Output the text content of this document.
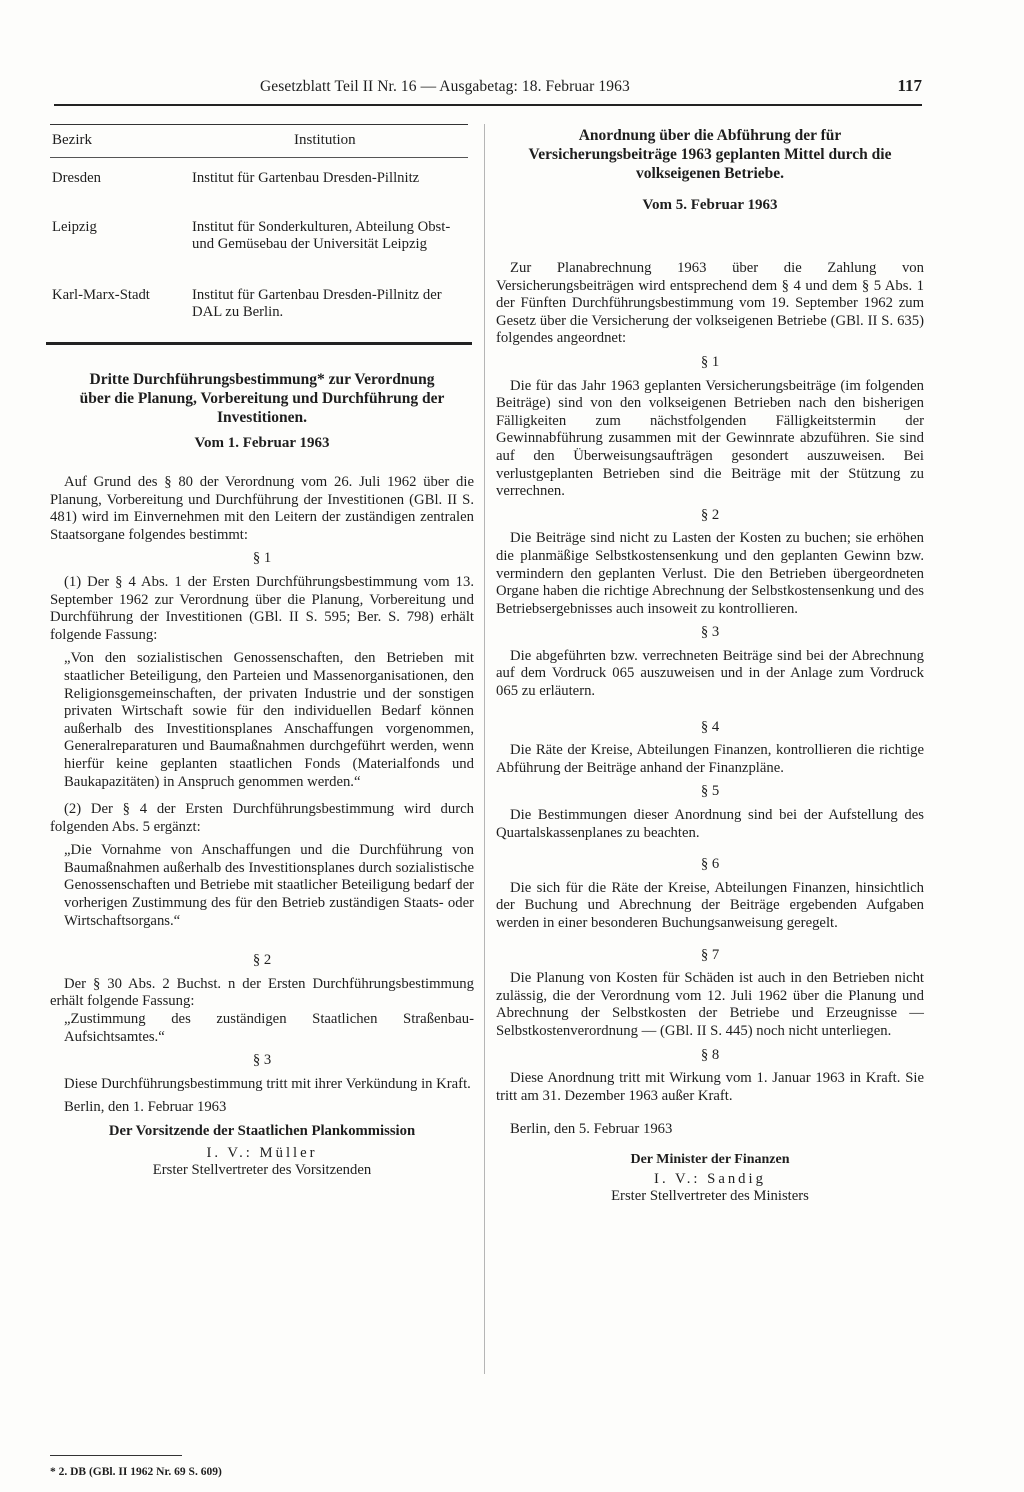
Gesetzblatt Teil II Nr. 16 — Ausgabetag: 18. Februar 1963	117
Bezirk	Institution
Dresden	Institut für Gartenbau Dresden-Pillnitz
Leipzig	Institut für Sonderkulturen, Abteilung Obst- und Gemüsebau der Universität Leipzig
Karl-Marx-Stadt	Institut für Gartenbau Dresden-Pillnitz der DAL zu Berlin.

Dritte Durchführungsbestimmung* zur Verordnung über die Planung, Vorbereitung und Durchführung der Investitionen.

Vom 1. Februar 1963

Auf Grund des § 80 der Verordnung vom 26. Juli 1962 über die Planung, Vorbereitung und Durchführung der Investitionen (GBl. II S. 481) wird im Einvernehmen mit den Leitern der zuständigen zentralen Staatsorgane folgendes bestimmt:

§ 1

(1) Der § 4 Abs. 1 der Ersten Durchführungsbestimmung vom 13. September 1962 zur Verordnung über die Planung, Vorbereitung und Durchführung der Investitionen (GBl. II S. 595; Ber. S. 798) erhält folgende Fassung:

„Von den sozialistischen Genossenschaften, den Betrieben mit staatlicher Beteiligung, den Parteien und Massenorganisationen, den Religionsgemeinschaften, der privaten Industrie und der sonstigen privaten Wirtschaft sowie für den individuellen Bedarf können außerhalb des Investitionsplanes Anschaffungen vorgenommen, Generalreparaturen und Baumaßnahmen durchgeführt werden, wenn hierfür keine geplanten staatlichen Fonds (Materialfonds und Baukapazitäten) in Anspruch genommen werden.“

(2) Der § 4 der Ersten Durchführungsbestimmung wird durch folgenden Abs. 5 ergänzt:

„Die Vornahme von Anschaffungen und die Durchführung von Baumaßnahmen außerhalb des Investitionsplanes durch sozialistische Genossenschaften und Betriebe mit staatlicher Beteiligung bedarf der vorherigen Zustimmung des für den Betrieb zuständigen Staats- oder Wirtschaftsorgans.“

§ 2

Der § 30 Abs. 2 Buchst. n der Ersten Durchführungsbestimmung erhält folgende Fassung:

„Zustimmung des zuständigen Staatlichen Straßenbau-Aufsichtsamtes.“

§ 3

Diese Durchführungsbestimmung tritt mit ihrer Verkündung in Kraft.

Berlin, den 1. Februar 1963

Der Vorsitzende der Staatlichen Plankommission

I. V.: Müller

Erster Stellvertreter des Vorsitzenden

* 2. DB (GBl. II 1962 Nr. 69 S. 609)

Anordnung über die Abführung der für Versicherungsbeiträge 1963 geplanten Mittel durch die volkseigenen Betriebe.

Vom 5. Februar 1963

Zur Planabrechnung 1963 über die Zahlung von Versicherungsbeiträgen wird entsprechend dem § 4 und dem § 5 Abs. 1 der Fünften Durchführungsbestimmung vom 19. September 1962 zum Gesetz über die Versicherung der volkseigenen Betriebe (GBl. II S. 635) folgendes angeordnet:

§ 1

Die für das Jahr 1963 geplanten Versicherungsbeiträge (im folgenden Beiträge) sind von den volkseigenen Betrieben nach den bisherigen Fälligkeiten zum nächstfolgenden Fälligkeitstermin der Gewinnabführung zusammen mit der Gewinnrate abzuführen. Sie sind auf den Überweisungsaufträgen gesondert auszuweisen. Bei verlustgeplanten Betrieben sind die Beiträge mit der Stützung zu verrechnen.

§ 2

Die Beiträge sind nicht zu Lasten der Kosten zu buchen; sie erhöhen die planmäßige Selbstkostensenkung und den geplanten Gewinn bzw. vermindern den geplanten Verlust. Die den Betrieben übergeordneten Organe haben die richtige Abrechnung der Selbstkostensenkung und des Betriebsergebnisses auch insoweit zu kontrollieren.

§ 3

Die abgeführten bzw. verrechneten Beiträge sind bei der Abrechnung auf dem Vordruck 065 auszuweisen und in der Anlage zum Vordruck 065 zu erläutern.

§ 4

Die Räte der Kreise, Abteilungen Finanzen, kontrollieren die richtige Abführung der Beiträge anhand der Finanzpläne.

§ 5

Die Bestimmungen dieser Anordnung sind bei der Aufstellung des Quartalskassenplanes zu beachten.

§ 6

Die sich für die Räte der Kreise, Abteilungen Finanzen, hinsichtlich der Buchung und Abrechnung der Beiträge ergebenden Aufgaben werden in einer besonderen Buchungsanweisung geregelt.

§ 7

Die Planung von Kosten für Schäden ist auch in den Betrieben nicht zulässig, die der Verordnung vom 12. Juli 1962 über die Planung und Abrechnung der Selbstkosten der Betriebe und Erzeugnisse — Selbstkostenverordnung — (GBl. II S. 445) noch nicht unterliegen.

§ 8

Diese Anordnung tritt mit Wirkung vom 1. Januar 1963 in Kraft. Sie tritt am 31. Dezember 1963 außer Kraft.

Berlin, den 5. Februar 1963

Der Minister der Finanzen

I. V.: Sandig

Erster Stellvertreter des Ministers
